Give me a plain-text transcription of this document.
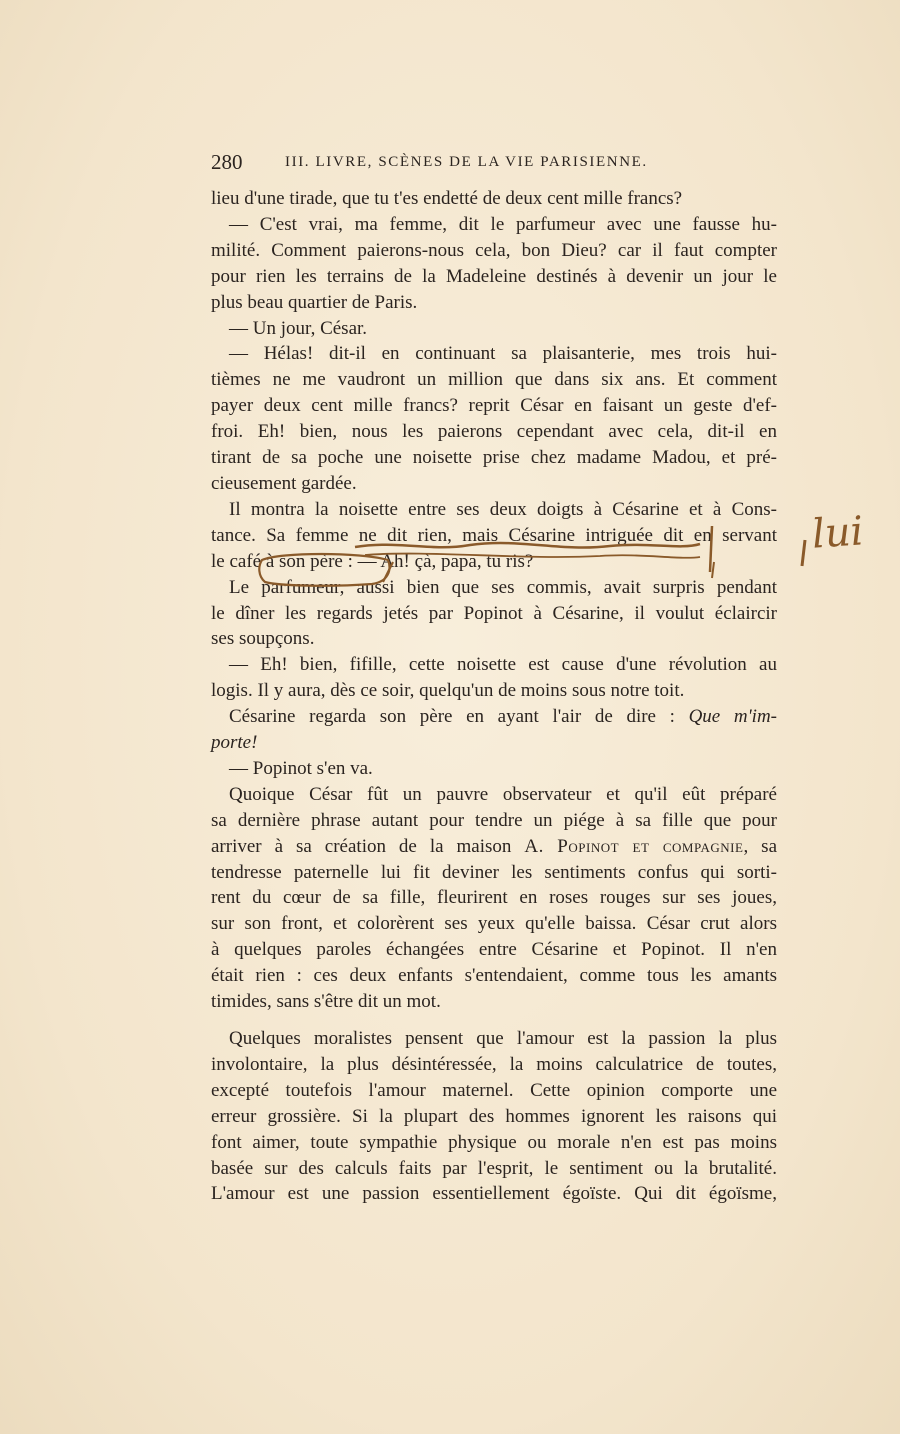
280	III. LIVRE, SCÈNES DE LA VIE PARISIENNE.

lieu d'une tirade, que tu t'es endetté de deux cent mille francs?

— C'est vrai, ma femme, dit le parfumeur avec une fausse hu-

milité. Comment paierons-nous cela, bon Dieu? car il faut compter

pour rien les terrains de la Madeleine destinés à devenir un jour le

plus beau quartier de Paris.

— Un jour, César.

— Hélas! dit-il en continuant sa plaisanterie, mes trois hui-

tièmes ne me vaudront un million que dans six ans. Et comment

payer deux cent mille francs? reprit César en faisant un geste d'ef-

froi. Eh! bien, nous les paierons cependant avec cela, dit-il en

tirant de sa poche une noisette prise chez madame Madou, et pré-

cieusement gardée.

Il montra la noisette entre ses deux doigts à Césarine et à Cons-

tance. Sa femme ne dit rien, mais Césarine intriguée dit en servant

le café à son père : — Ah! çà, papa, tu ris?

Le parfumeur, aussi bien que ses commis, avait surpris pendant

le dîner les regards jetés par Popinot à Césarine, il voulut éclaircir

ses soupçons.

— Eh! bien, fifille, cette noisette est cause d'une révolution au

logis. Il y aura, dès ce soir, quelqu'un de moins sous notre toit.

Césarine regarda son père en ayant l'air de dire : Que m'im-

porte!

— Popinot s'en va.

Quoique César fût un pauvre observateur et qu'il eût préparé

sa dernière phrase autant pour tendre un piége à sa fille que pour

arriver à sa création de la maison A. Popinot et compagnie, sa

tendresse paternelle lui fit deviner les sentiments confus qui sorti-

rent du cœur de sa fille, fleurirent en roses rouges sur ses joues,

sur son front, et colorèrent ses yeux qu'elle baissa. César crut alors

à quelques paroles échangées entre Césarine et Popinot. Il n'en

était rien : ces deux enfants s'entendaient, comme tous les amants

timides, sans s'être dit un mot.

Quelques moralistes pensent que l'amour est la passion la plus

involontaire, la plus désintéressée, la moins calculatrice de toutes,

excepté toutefois l'amour maternel. Cette opinion comporte une

erreur grossière. Si la plupart des hommes ignorent les raisons qui

font aimer, toute sympathie physique ou morale n'en est pas moins

basée sur des calculs faits par l'esprit, le sentiment ou la brutalité.

L'amour est une passion essentiellement égoïste. Qui dit égoïsme,

lui
